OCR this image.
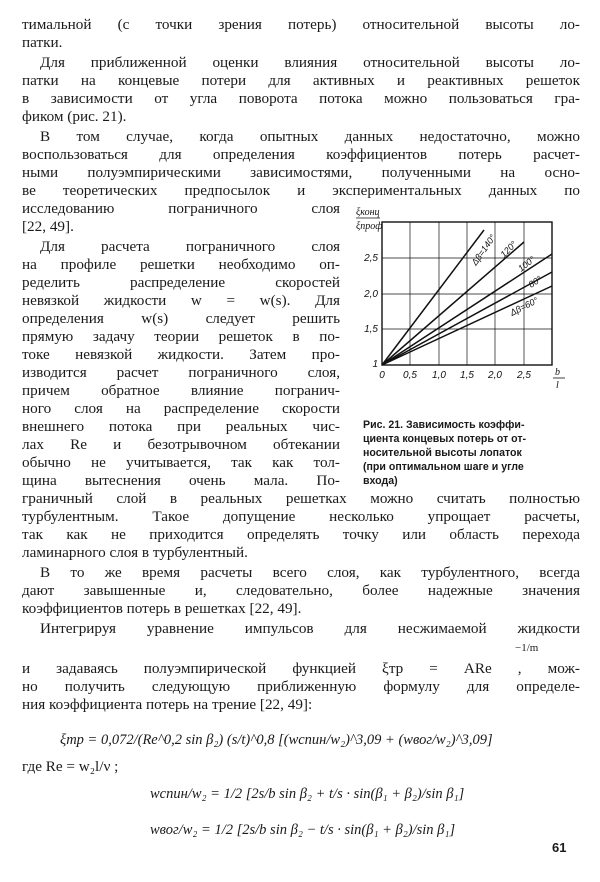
тимальной (с точки зрения потерь) относительной высоты ло-
патки.
Для приближенной оценки влияния относительной высоты ло-
патки на концевые потери для активных и реактивных решеток
в зависимости от угла поворота потока можно пользоваться гра-
фиком (рис. 21).
В том случае, когда опытных данных недостаточно, можно
воспользоваться для определения коэффициентов потерь расчет-
ными полуэмпирическими зависимостями, полученными на осно-
ве теоретических предпосылок и экспериментальных данных по
исследованию пограничного слоя
[22, 49].
Для расчета пограничного слоя
на профиле решетки необходимо оп-
ределить распределение скоростей
невязкой жидкости w = w(s). Для
определения w(s) следует решить
прямую задачу теории решеток в по-
токе невязкой жидкости. Затем про-
изводится расчет пограничного слоя,
причем обратное влияние погранич-
ного слоя на распределение скорости
внешнего потока при реальных чис-
лах Re и безотрывочном обтекании
обычно не учитывается, так как тол-
щина вытеснения очень мала. По-
граничный слой в реальных решетках можно считать полностью
турбулентным. Такое допущение несколько упрощает расчеты,
так как не приходится определять точку или область перехода
ламинарного слоя в турбулентный.
В то же время расчеты всего слоя, как турбулентного, всегда
дают завышенные и, следовательно, более надежные значения
коэффициентов потерь в решетках [22, 49].
Интегрируя уравнение импульсов для несжимаемой жидкости
и задаваясь полуэмпирической функцией ξтр = ARe , мож-
−1/m
но получить следующую приближенную формулу для определе-
ния коэффициента потерь на трение [22, 49]:
ξтр = 0,072/(Re^0,2 sin β₂) (s/t)^0,8 [(wспин/w₂)^3,09 + (wвог/w₂)^3,09]
где Re = w₂l/ν ;
wспин/w₂ = 1/2 [2s/b sin β₂ + t/s · sin(β₁ + β₂)/sin β₁]
wвог/w₂ = 1/2 [2s/b sin β₂ − t/s · sin(β₁ + β₂)/sin β₁]
Δβ=140° 120°
100°
80°
Δβ=60°
ξконц
ξпроф
1
1,5
2,0
2,5
0 0,5 1,0 1,5 2,0 2,5 b
l
Рис. 21. Зависимость коэффи-
циента концевых потерь от от-
носительной высоты лопаток
(при оптимальном шаге и угле
входа)
61
